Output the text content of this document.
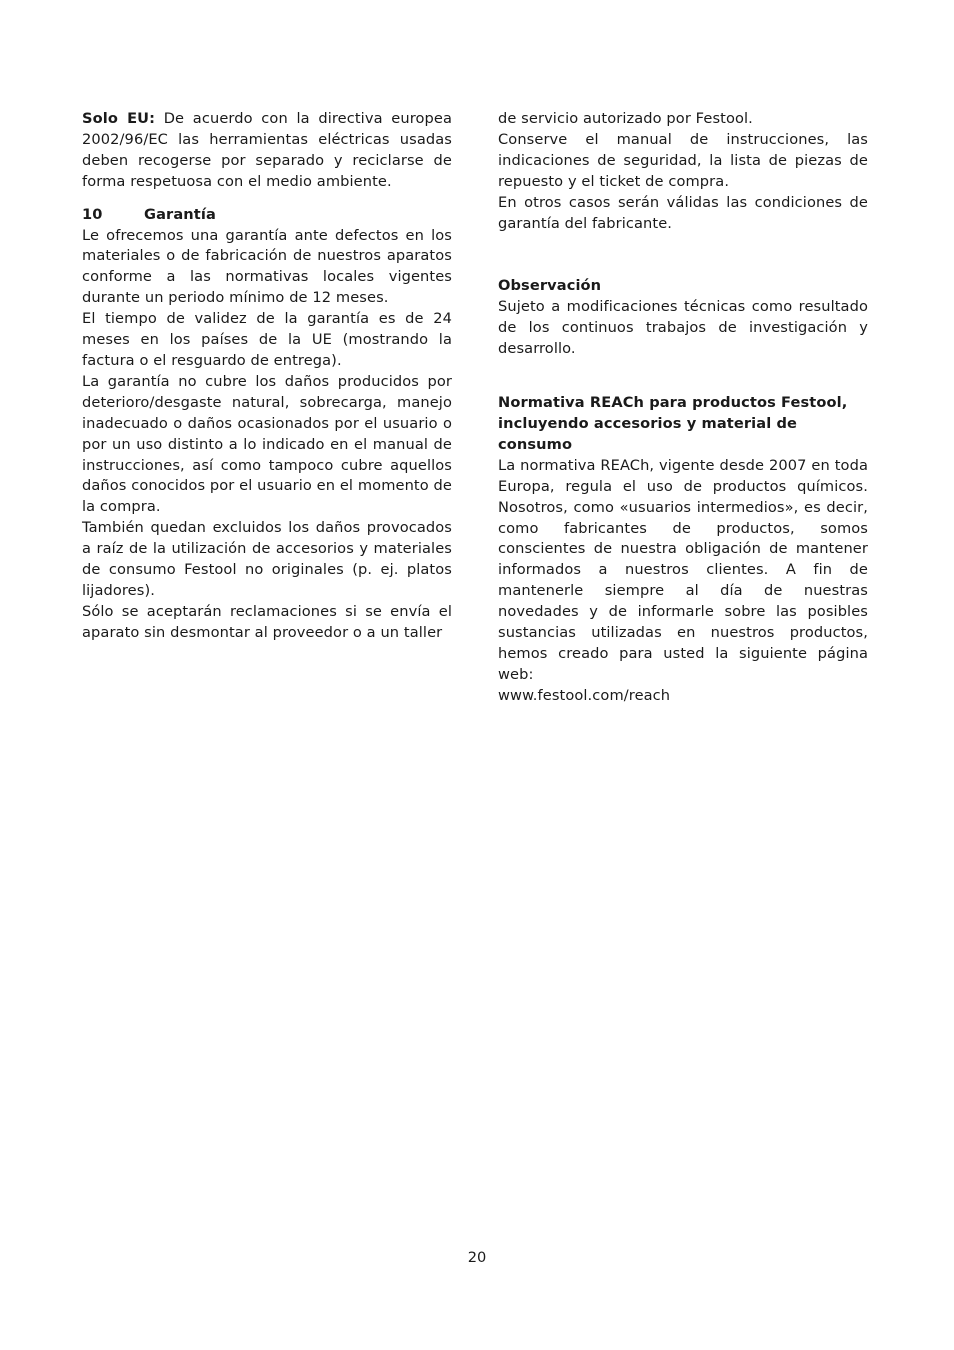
Solo EU: De acuerdo con la directiva europea 2002/96/EC las herramientas eléctricas usadas deben recogerse por separado y reciclarse de forma respetuosa con el medio ambiente.

10	Garantía

Le ofrecemos una garantía ante defectos en los materiales o de fabricación de nuestros aparatos conforme a las normativas locales vigentes durante un periodo mínimo de 12 meses.

El tiempo de validez de la garantía es de 24 meses en los países de la UE (mostrando la factura o el resguardo de entrega).

La garantía no cubre los daños producidos por deterioro/desgaste natural, sobrecarga, manejo inadecuado o daños ocasionados por el usuario o por un uso distinto a lo indicado en el manual de instrucciones, así como tampoco cubre aquellos daños conocidos por el usuario en el momento de la compra.

También quedan excluidos los daños provocados a raíz de la utilización de accesorios y materiales de consumo Festool no originales (p. ej. platos lijadores).

Sólo se aceptarán reclamaciones si se envía el aparato sin desmontar al proveedor o a un taller

de servicio autorizado por Festool.

Conserve el manual de instrucciones, las indicaciones de seguridad, la lista de piezas de repuesto y el ticket de compra.

En otros casos serán válidas las condiciones de garantía del fabricante.

Observación

Sujeto a modificaciones técnicas como resultado de los continuos trabajos de investigación y desarrollo.

Normativa REACh para productos Festool, incluyendo accesorios y material de consumo

La normativa REACh, vigente desde 2007 en toda Europa, regula el uso de productos químicos. Nosotros, como «usuarios intermedios», es decir, como fabricantes de productos, somos conscientes de nuestra obligación de mantener informados a nuestros clientes. A fin de mantenerle siempre al día de nuestras novedades y de informarle sobre las posibles sustancias utilizadas en nuestros productos, hemos creado para usted la siguiente página web:

www.festool.com/reach

20
